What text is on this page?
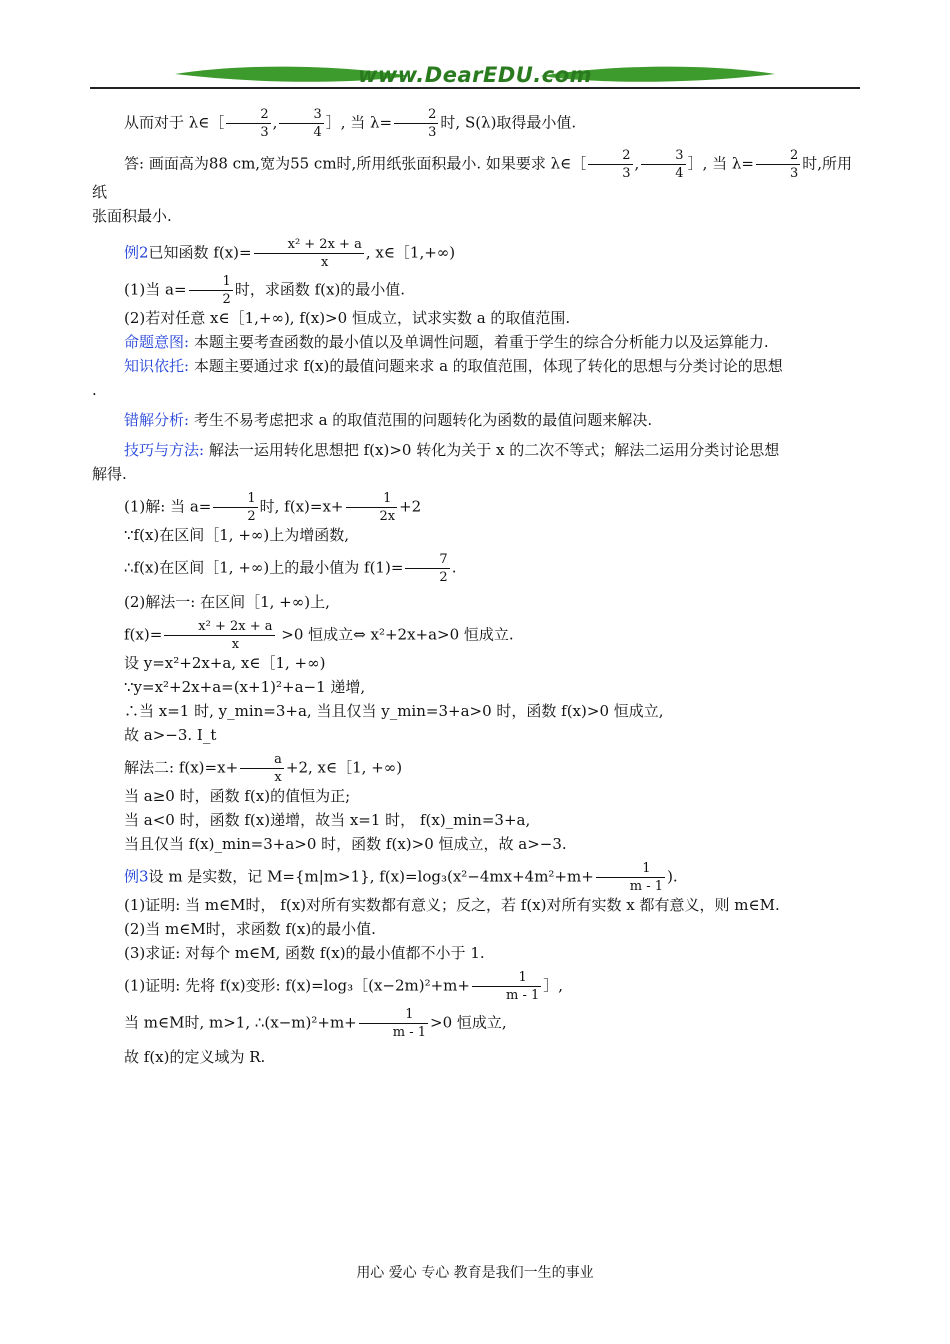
www.DearEDU.com

从而对于 λ∈［ $\frac{2}{3}$ , $\frac{3}{4}$ ］, 当 $\lambda= \frac{2}{3}$ 时, S(λ)取得最小值.

答: 画面高为88 cm,宽为55 cm时,所用纸张面积最小. 如果要求 λ∈［ $\frac{2}{3}$ , $\frac{3}{4}$ ］, 当 $\lambda= \frac{2}{3}$ 时,所用纸

张面积最小.

例2已知函数 $f(x)= \frac{\text{x² + 2x + a}}{x}$ , x∈［1,+∞)

(1)当 $a= \frac{1}{2}$ 时，求函数 f(x)的最小值.

(2)若对任意 x∈［1,+∞), f(x)>0 恒成立，试求实数 a 的取值范围.

命题意图: 本题主要考查函数的最小值以及单调性问题，着重于学生的综合分析能力以及运算能力.

知识依托: 本题主要通过求 f(x)的最值问题来求 a 的取值范围，体现了转化的思想与分类讨论的思想

.

错解分析: 考生不易考虑把求 a 的取值范围的问题转化为函数的最值问题来解决.

技巧与方法: 解法一运用转化思想把 f(x)>0 转化为关于 x 的二次不等式；解法二运用分类讨论思想

解得.

(1)解: 当 $a= \frac{1}{2}$ 时, $f(x)=x+ \frac{1}{2x} +2$

∵f(x)在区间［1, +∞)上为增函数,

∴f(x)在区间［1, +∞)上的最小值为 $f(1)= \frac{7}{2}$ .

(2)解法一: 在区间［1, +∞)上,

$f(x)= \frac{\text{x² + 2x + a}}{x} >0$ 恒成立⇔ x²+2x+a>0 恒成立.

设 y=x²+2x+a, x∈［1, +∞)

∵y=x²+2x+a=(x+1)²+a−1 递增,

∴当 x=1 时, y_min=3+a, 当且仅当 y_min=3+a>0 时，函数 f(x)>0 恒成立,

故 a>−3. I_t

解法二: $f(x)=x+ \frac{a}{x} +2$, x∈［1, +∞)

当 a≥0 时，函数 f(x)的值恒为正;

当 a<0 时，函数 f(x)递增，故当 x=1 时， f(x)_min=3+a,

当且仅当 f(x)_min=3+a>0 时，函数 f(x)>0 恒成立，故 a>−3.

例3设 m 是实数，记 M={m|m>1}, $f(x)=\log_3(x^2-4mx+4m^2+m+ \frac{1}{m - 1}$ ).

(1)证明: 当 m∈M时， f(x)对所有实数都有意义；反之，若 f(x)对所有实数 x 都有意义，则 m∈M.

(2)当 m∈M时，求函数 f(x)的最小值.

(3)求证: 对每个 m∈M, 函数 f(x)的最小值都不小于 1.

(1)证明: 先将 f(x)变形: f(x)=log₃［(x−2m)²+m+ $\frac{1}{m - 1}$ ］,

当 m∈M时, m>1, ∴(x−m)²+m+ $\frac{1}{m - 1} >0$ 恒成立,

故 f(x)的定义域为 R.

用心 爱心 专心 教育是我们一生的事业
